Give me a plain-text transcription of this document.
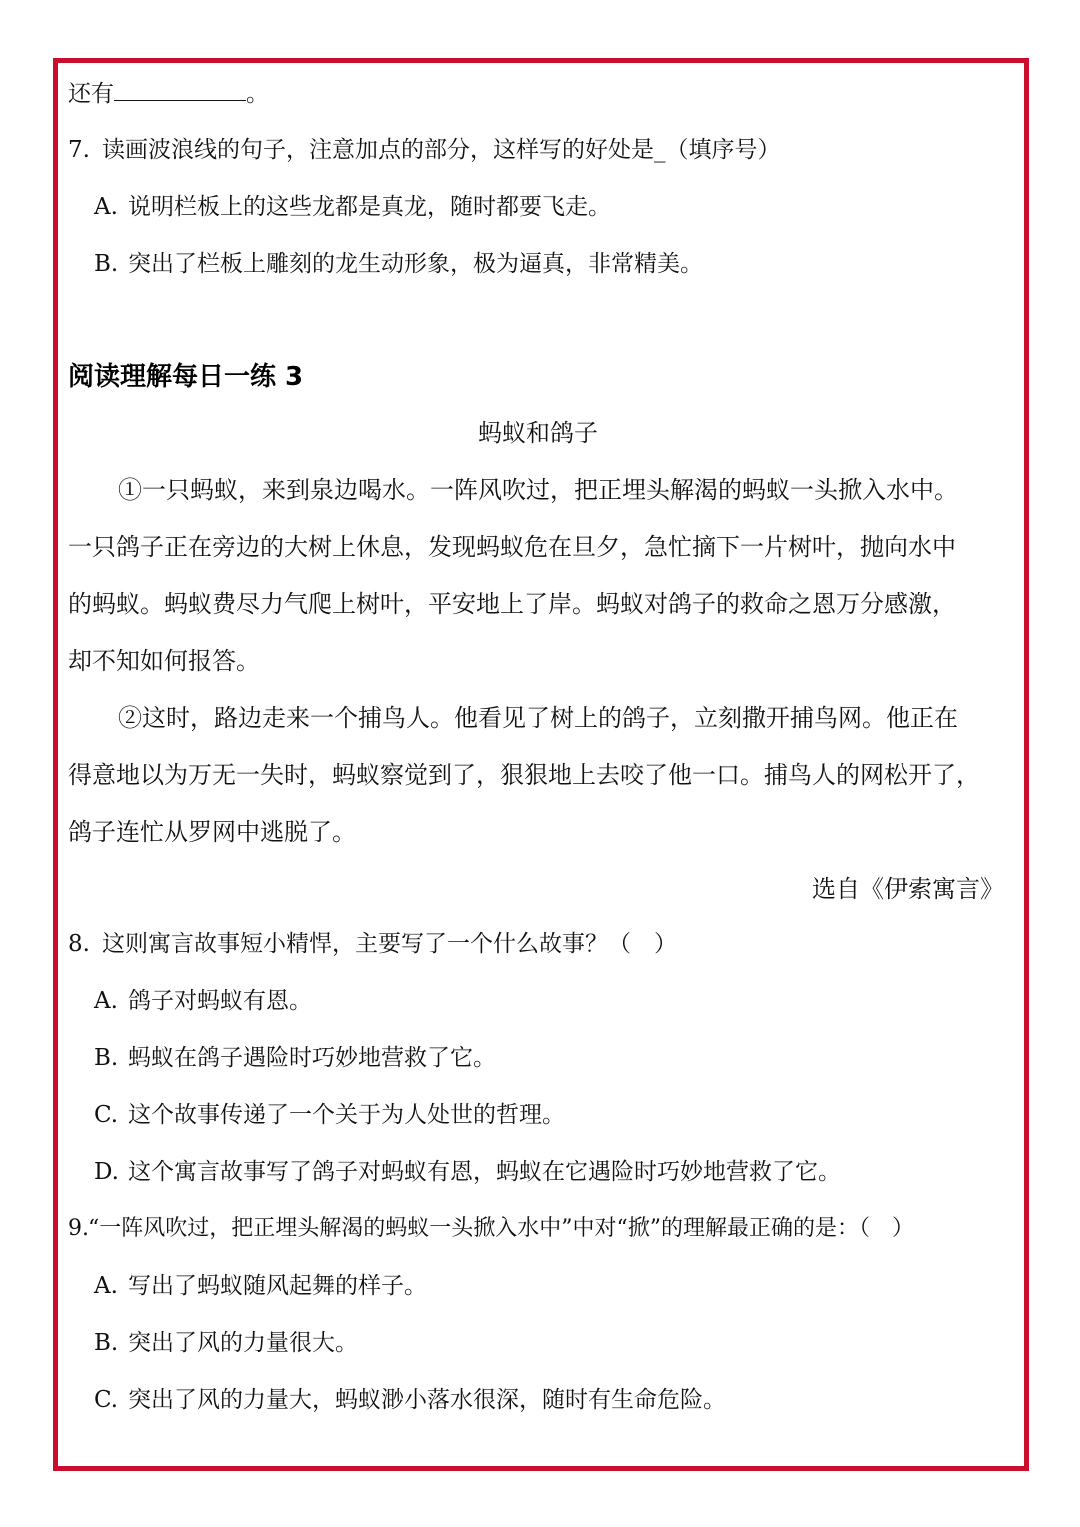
还有	。
7. 读画波浪线的句子，注意加点的部分，这样写的好处是_（填序号）
A. 说明栏板上的这些龙都是真龙，随时都要飞走。
B. 突出了栏板上雕刻的龙生动形象，极为逼真，非常精美。
阅读理解每日一练 3
蚂蚁和鸽子
①一只蚂蚁，来到泉边喝水。一阵风吹过，把正埋头解渴的蚂蚁一头掀入水中。
一只鸽子正在旁边的大树上休息，发现蚂蚁危在旦夕，急忙摘下一片树叶，抛向水中
的蚂蚁。蚂蚁费尽力气爬上树叶，平安地上了岸。蚂蚁对鸽子的救命之恩万分感激，
却不知如何报答。
②这时，路边走来一个捕鸟人。他看见了树上的鸽子，立刻撒开捕鸟网。他正在
得意地以为万无一失时，蚂蚁察觉到了，狠狠地上去咬了他一口。捕鸟人的网松开了，
鸽子连忙从罗网中逃脱了。
选自《伊索寓言》
8. 这则寓言故事短小精悍，主要写了一个什么故事？（　）
A. 鸽子对蚂蚁有恩。
B. 蚂蚁在鸽子遇险时巧妙地营救了它。
C. 这个故事传递了一个关于为人处世的哲理。
D. 这个寓言故事写了鸽子对蚂蚁有恩，蚂蚁在它遇险时巧妙地营救了它。
9.“一阵风吹过，把正埋头解渴的蚂蚁一头掀入水中”中对“掀”的理解最正确的是：（　）
A. 写出了蚂蚁随风起舞的样子。
B. 突出了风的力量很大。
C. 突出了风的力量大，蚂蚁渺小落水很深，随时有生命危险。
